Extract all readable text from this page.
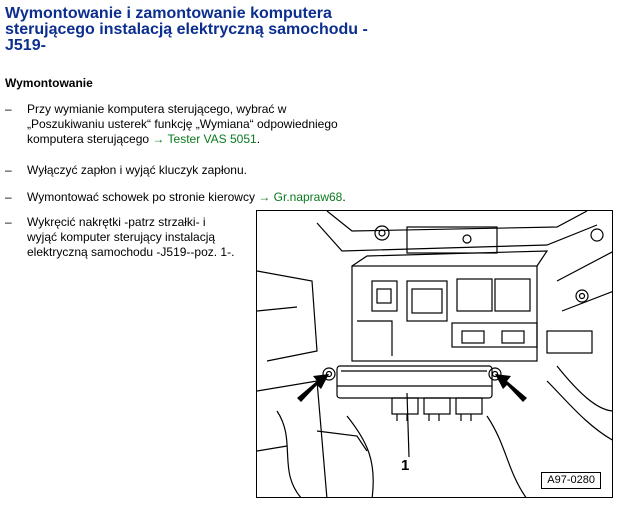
Wymontowanie i zamontowanie komputera
sterującego instalacją elektryczną samochodu -
J519-
Wymontowanie
– Przy wymianie komputera sterującego, wybrać w
„Poszukiwaniu usterek“ funkcję „Wymiana“ odpowiedniego
komputera sterującego → Tester VAS 5051.
– Wyłączyć zapłon i wyjąć kluczyk zapłonu.
– Wymontować schowek po stronie kierowcy → Gr.napraw68.
– Wykręcić nakrętki -patrz strzałki- i
wyjąć komputer sterujący instalacją
elektryczną samochodu -J519--poz. 1-.
1
A97-0280
